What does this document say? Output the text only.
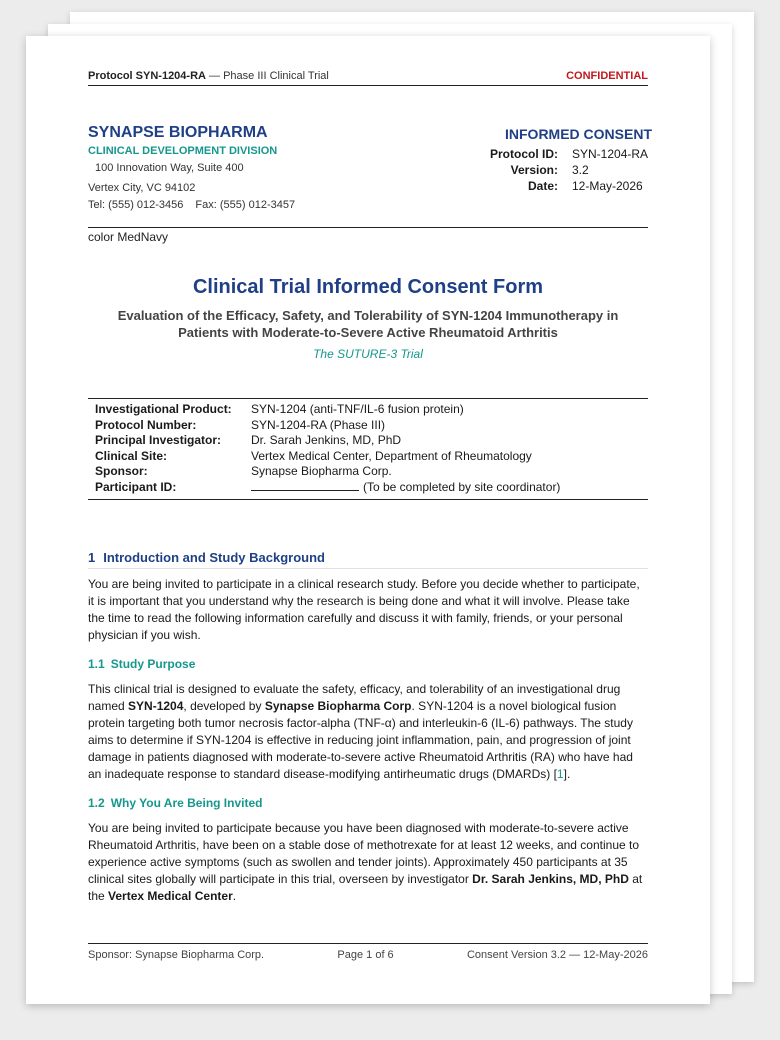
Protocol SYN-1204-RA — Phase III Clinical Trial	CONFIDENTIAL
SYNAPSE BIOPHARMA
CLINICAL DEVELOPMENT DIVISION
100 Innovation Way, Suite 400
Vertex City, VC 94102
Tel: (555) 012-3456 Fax: (555) 012-3457
INFORMED CONSENT
Protocol ID:	SYN-1204-RA
Version:	3.2
Date:	12-May-2026
color MedNavy
Clinical Trial Informed Consent Form
Evaluation of the Efficacy, Safety, and Tolerability of SYN-1204 Immunotherapy in
Patients with Moderate-to-Severe Active Rheumatoid Arthritis
The SUTURE-3 Trial
Investigational Product:	SYN-1204 (anti-TNF/IL-6 fusion protein)
Protocol Number:	SYN-1204-RA (Phase III)
Principal Investigator:	Dr. Sarah Jenkins, MD, PhD
Clinical Site:	Vertex Medical Center, Department of Rheumatology
Sponsor:	Synapse Biopharma Corp.
Participant ID:	(To be completed by site coordinator)
1 Introduction and Study Background

You are being invited to participate in a clinical research study. Before you decide whether to participate, it is important that you understand why the research is being done and what it will involve. Please take the time to read the following information carefully and discuss it with family, friends, or your personal physician if you wish.

1.1 Study Purpose

This clinical trial is designed to evaluate the safety, efficacy, and tolerability of an investigational drug named SYN-1204, developed by Synapse Biopharma Corp. SYN-1204 is a novel biological fusion protein targeting both tumor necrosis factor-alpha (TNF-α) and interleukin-6 (IL-6) pathways. The study aims to determine if SYN-1204 is effective in reducing joint inflammation, pain, and progression of joint damage in patients diagnosed with moderate-to-severe active Rheumatoid Arthritis (RA) who have had an inadequate response to standard disease-modifying antirheumatic drugs (DMARDs) [1].

1.2 Why You Are Being Invited

You are being invited to participate because you have been diagnosed with moderate-to-severe active Rheumatoid Arthritis, have been on a stable dose of methotrexate for at least 12 weeks, and continue to experience active symptoms (such as swollen and tender joints). Approximately 450 participants at 35 clinical sites globally will participate in this trial, overseen by investigator Dr. Sarah Jenkins, MD, PhD at the Vertex Medical Center.

Sponsor: Synapse Biopharma Corp.	Page 1 of 6	Consent Version 3.2 — 12-May-2026
